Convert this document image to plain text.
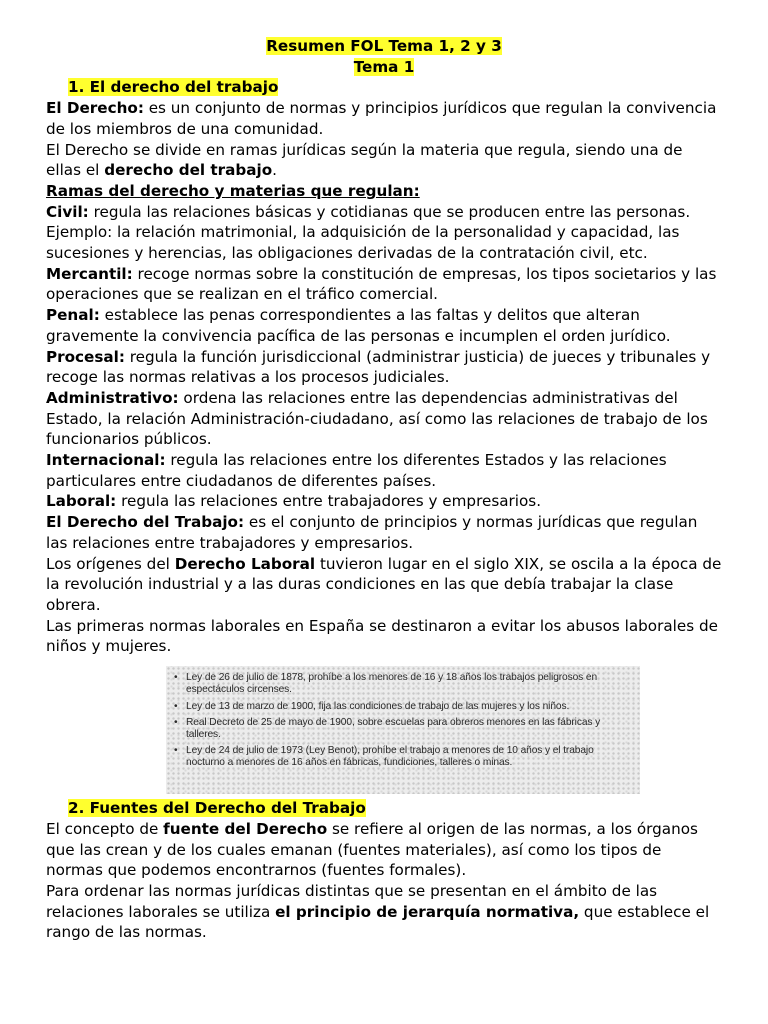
Resumen FOL Tema 1, 2 y 3

Tema 1

1. El derecho del trabajo

El Derecho: es un conjunto de normas y principios jurídicos que regulan la convivencia de los miembros de una comunidad.

El Derecho se divide en ramas jurídicas según la materia que regula, siendo una de ellas el derecho del trabajo.

Ramas del derecho y materias que regulan:

Civil: regula las relaciones básicas y cotidianas que se producen entre las personas. Ejemplo: la relación matrimonial, la adquisición de la personalidad y capacidad, las sucesiones y herencias, las obligaciones derivadas de la contratación civil, etc.

Mercantil: recoge normas sobre la constitución de empresas, los tipos societarios y las operaciones que se realizan en el tráfico comercial.

Penal: establece las penas correspondientes a las faltas y delitos que alteran gravemente la convivencia pacífica de las personas e incumplen el orden jurídico.

Procesal: regula la función jurisdiccional (administrar justicia) de jueces y tribunales y recoge las normas relativas a los procesos judiciales.

Administrativo: ordena las relaciones entre las dependencias administrativas del Estado, la relación Administración-ciudadano, así como las relaciones de trabajo de los funcionarios públicos.

Internacional: regula las relaciones entre los diferentes Estados y las relaciones particulares entre ciudadanos de diferentes países.

Laboral: regula las relaciones entre trabajadores y empresarios.

El Derecho del Trabajo: es el conjunto de principios y normas jurídicas que regulan las relaciones entre trabajadores y empresarios.

Los orígenes del Derecho Laboral tuvieron lugar en el siglo XIX, se oscila a la época de la revolución industrial y a las duras condiciones en las que debía trabajar la clase obrera.

Las primeras normas laborales en España se destinaron a evitar los abusos laborales de niños y mujeres.

• Ley de 26 de julio de 1878, prohíbe a los menores de 16 y 18 años los trabajos peligrosos en espectáculos circenses.
• Ley de 13 de marzo de 1900, fija las condiciones de trabajo de las mujeres y los niños.
• Real Decreto de 25 de mayo de 1900, sobre escuelas para obreros menores en las fábricas y talleres.
• Ley de 24 de julio de 1973 (Ley Benot), prohíbe el trabajo a menores de 10 años y el trabajo nocturno a menores de 16 años en fábricas, fundiciones, talleres o minas.

2. Fuentes del Derecho del Trabajo

El concepto de fuente del Derecho se refiere al origen de las normas, a los órganos que las crean y de los cuales emanan (fuentes materiales), así como los tipos de normas que podemos encontrarnos (fuentes formales).

Para ordenar las normas jurídicas distintas que se presentan en el ámbito de las relaciones laborales se utiliza el principio de jerarquía normativa, que establece el rango de las normas.
